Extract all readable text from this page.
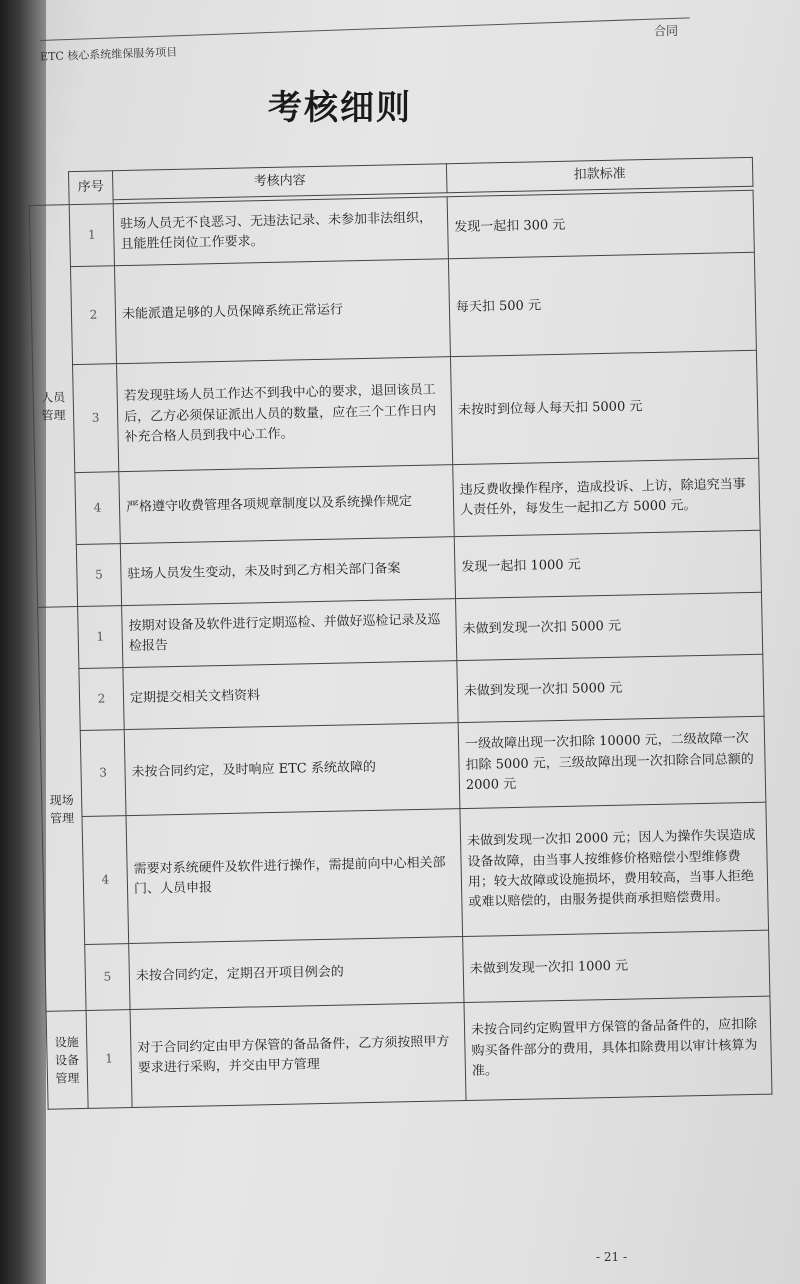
ETC 核心系统维保服务项目
合同
考核细则
	序号	考核内容	扣款标准

人员管理	1	驻场人员无不良恶习、无违法记录、未参加非法组织，且能胜任岗位工作要求。	发现一起扣 300 元
	2	未能派遣足够的人员保障系统正常运行	每天扣 500 元
	3	若发现驻场人员工作达不到我中心的要求，退回该员工后，乙方必须保证派出人员的数量，应在三个工作日内补充合格人员到我中心工作。	未按时到位每人每天扣 5000 元
	4	严格遵守收费管理各项规章制度以及系统操作规定	违反费收操作程序，造成投诉、上访，除追究当事人责任外，每发生一起扣乙方 5000 元。
	5	驻场人员发生变动，未及时到乙方相关部门备案	发现一起扣 1000 元
现场管理	1	按期对设备及软件进行定期巡检、并做好巡检记录及巡检报告	未做到发现一次扣 5000 元
	2	定期提交相关文档资料	未做到发现一次扣 5000 元
	3	未按合同约定，及时响应 ETC 系统故障的	一级故障出现一次扣除 10000 元，二级故障一次扣除 5000 元，三级故障出现一次扣除合同总额的 2000 元
	4	需要对系统硬件及软件进行操作，需提前向中心相关部门、人员申报	未做到发现一次扣 2000 元；因人为操作失误造成设备故障，由当事人按维修价格赔偿小型维修费用；较大故障或设施损坏，费用较高，当事人拒绝或难以赔偿的，由服务提供商承担赔偿费用。
	5	未按合同约定，定期召开项目例会的	未做到发现一次扣 1000 元
设施设备管理	1	对于合同约定由甲方保管的备品备件，乙方须按照甲方要求进行采购，并交由甲方管理	未按合同约定购置甲方保管的备品备件的，应扣除购买备件部分的费用，具体扣除费用以审计核算为准。
- 21 -
